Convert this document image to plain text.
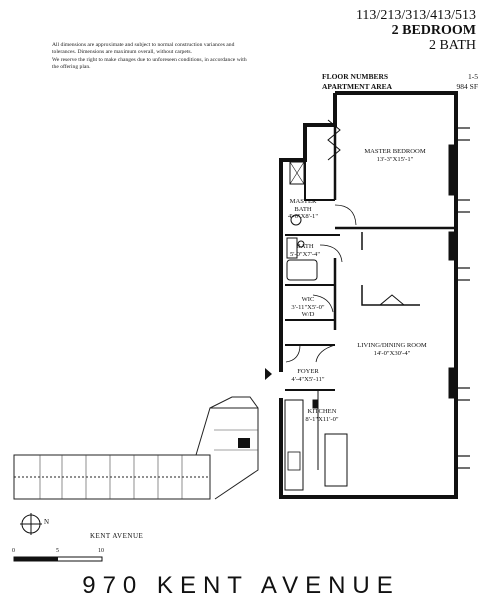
113/213/313/413/513
2 BEDROOM
2 BATH

All dimensions are approximate and subject to normal construction variances and tolerances. Dimensions are maximum overall, without carpets.

We reserve the right to make changes due to unforeseen conditions, in accordance with the offering plan.

FLOOR NUMBERS	1-5
APARTMENT AREA	984 SF
MASTER BEDROOM
13'-3"X15'-1"
MASTER BATH
4'-6"X8'-1"
BATH
5'-0"X7'-4"
WIC
3'-11"X5'-0"
W/D
LIVING/DINING ROOM
14'-0"X30'-4"
FOYER
4'-4"X5'-11"
KITCHEN
8'-1"X11'-0"
KENT AVENUE
N
0	5	10
970 KENT AVENUE
